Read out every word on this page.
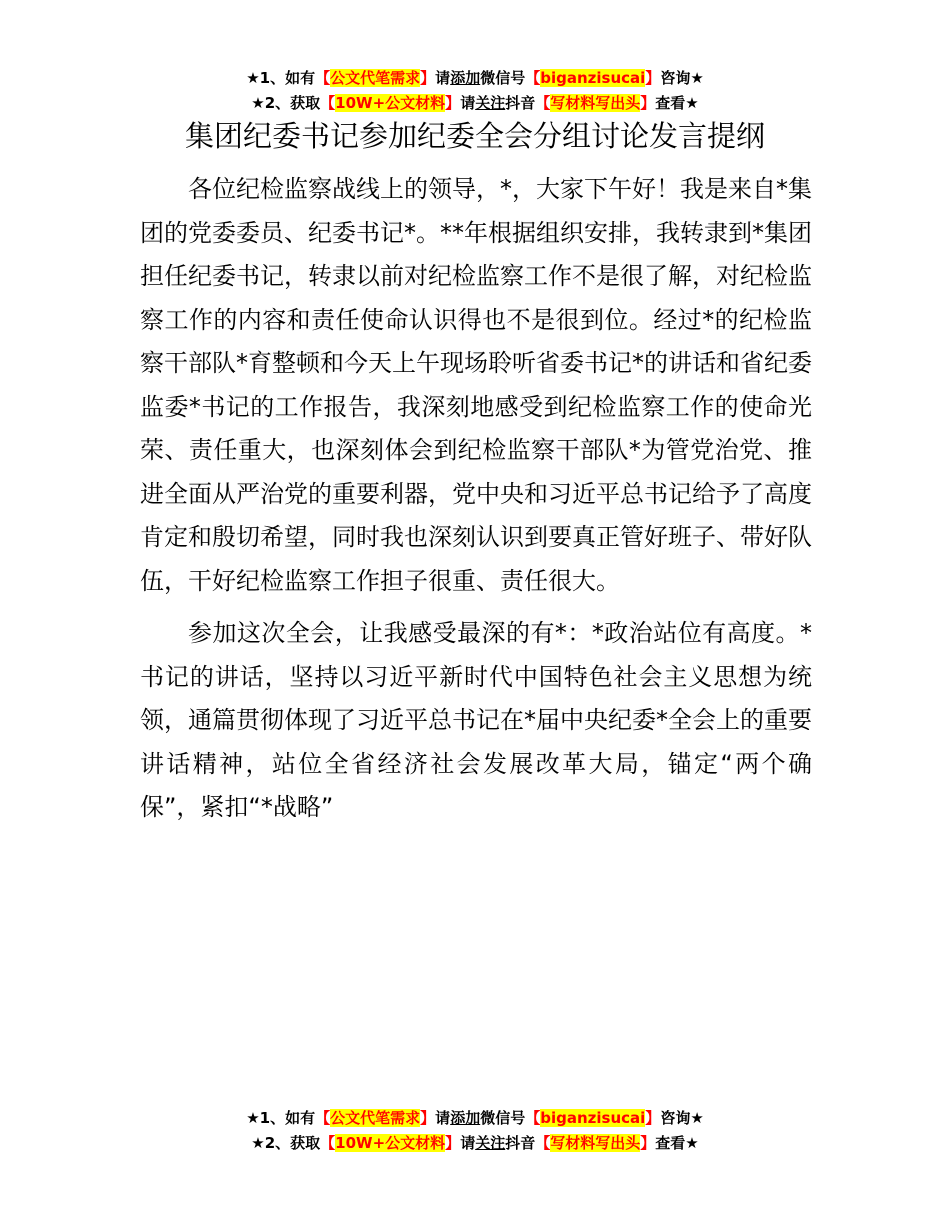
★1、如有【公文代笔需求】请添加微信号【biganzisucai】咨询★
★2、获取【10W+公文材料】请关注抖音【写材料写出头】查看★
集团纪委书记参加纪委全会分组讨论发言提纲

各位纪检监察战线上的领导，*，大家下午好！我是来自*集团的党委委员、纪委书记*。**年根据组织安排，我转隶到*集团担任纪委书记，转隶以前对纪检监察工作不是很了解，对纪检监察工作的内容和责任使命认识得也不是很到位。经过*的纪检监察干部队*育整顿和今天上午现场聆听省委书记*的讲话和省纪委监委*书记的工作报告，我深刻地感受到纪检监察工作的使命光荣、责任重大，也深刻体会到纪检监察干部队*为管党治党、推进全面从严治党的重要利器，党中央和习近平总书记给予了高度肯定和殷切希望，同时我也深刻认识到要真正管好班子、带好队伍，干好纪检监察工作担子很重、责任很大。

参加这次全会，让我感受最深的有*：*政治站位有高度。*书记的讲话，坚持以习近平新时代中国特色社会主义思想为统领，通篇贯彻体现了习近平总书记在*届中央纪委*全会上的重要讲话精神，站位全省经济社会发展改革大局，锚定“两个确保”，紧扣“*战略”

★1、如有【公文代笔需求】请添加微信号【biganzisucai】咨询★
★2、获取【10W+公文材料】请关注抖音【写材料写出头】查看★
